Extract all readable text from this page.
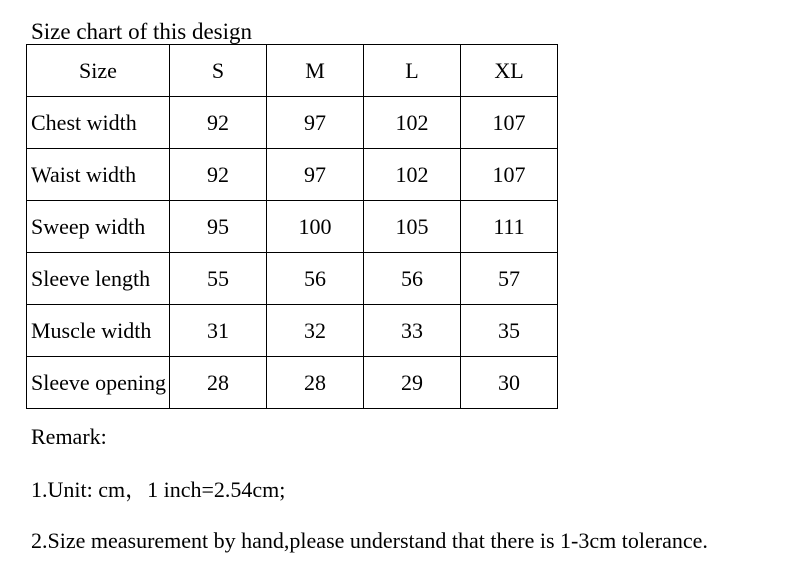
Size chart of this design
Size	S	M	L	XL
Chest width	92	97	102	107
Waist width	92	97	102	107
Sweep width	95	100	105	111
Sleeve length	55	56	56	57
Muscle width	31	32	33	35
Sleeve opening	28	28	29	30
Remark:
1.Unit: cm，1 inch=2.54cm;
2.Size measurement by hand,please understand that there is 1-3cm tolerance.
